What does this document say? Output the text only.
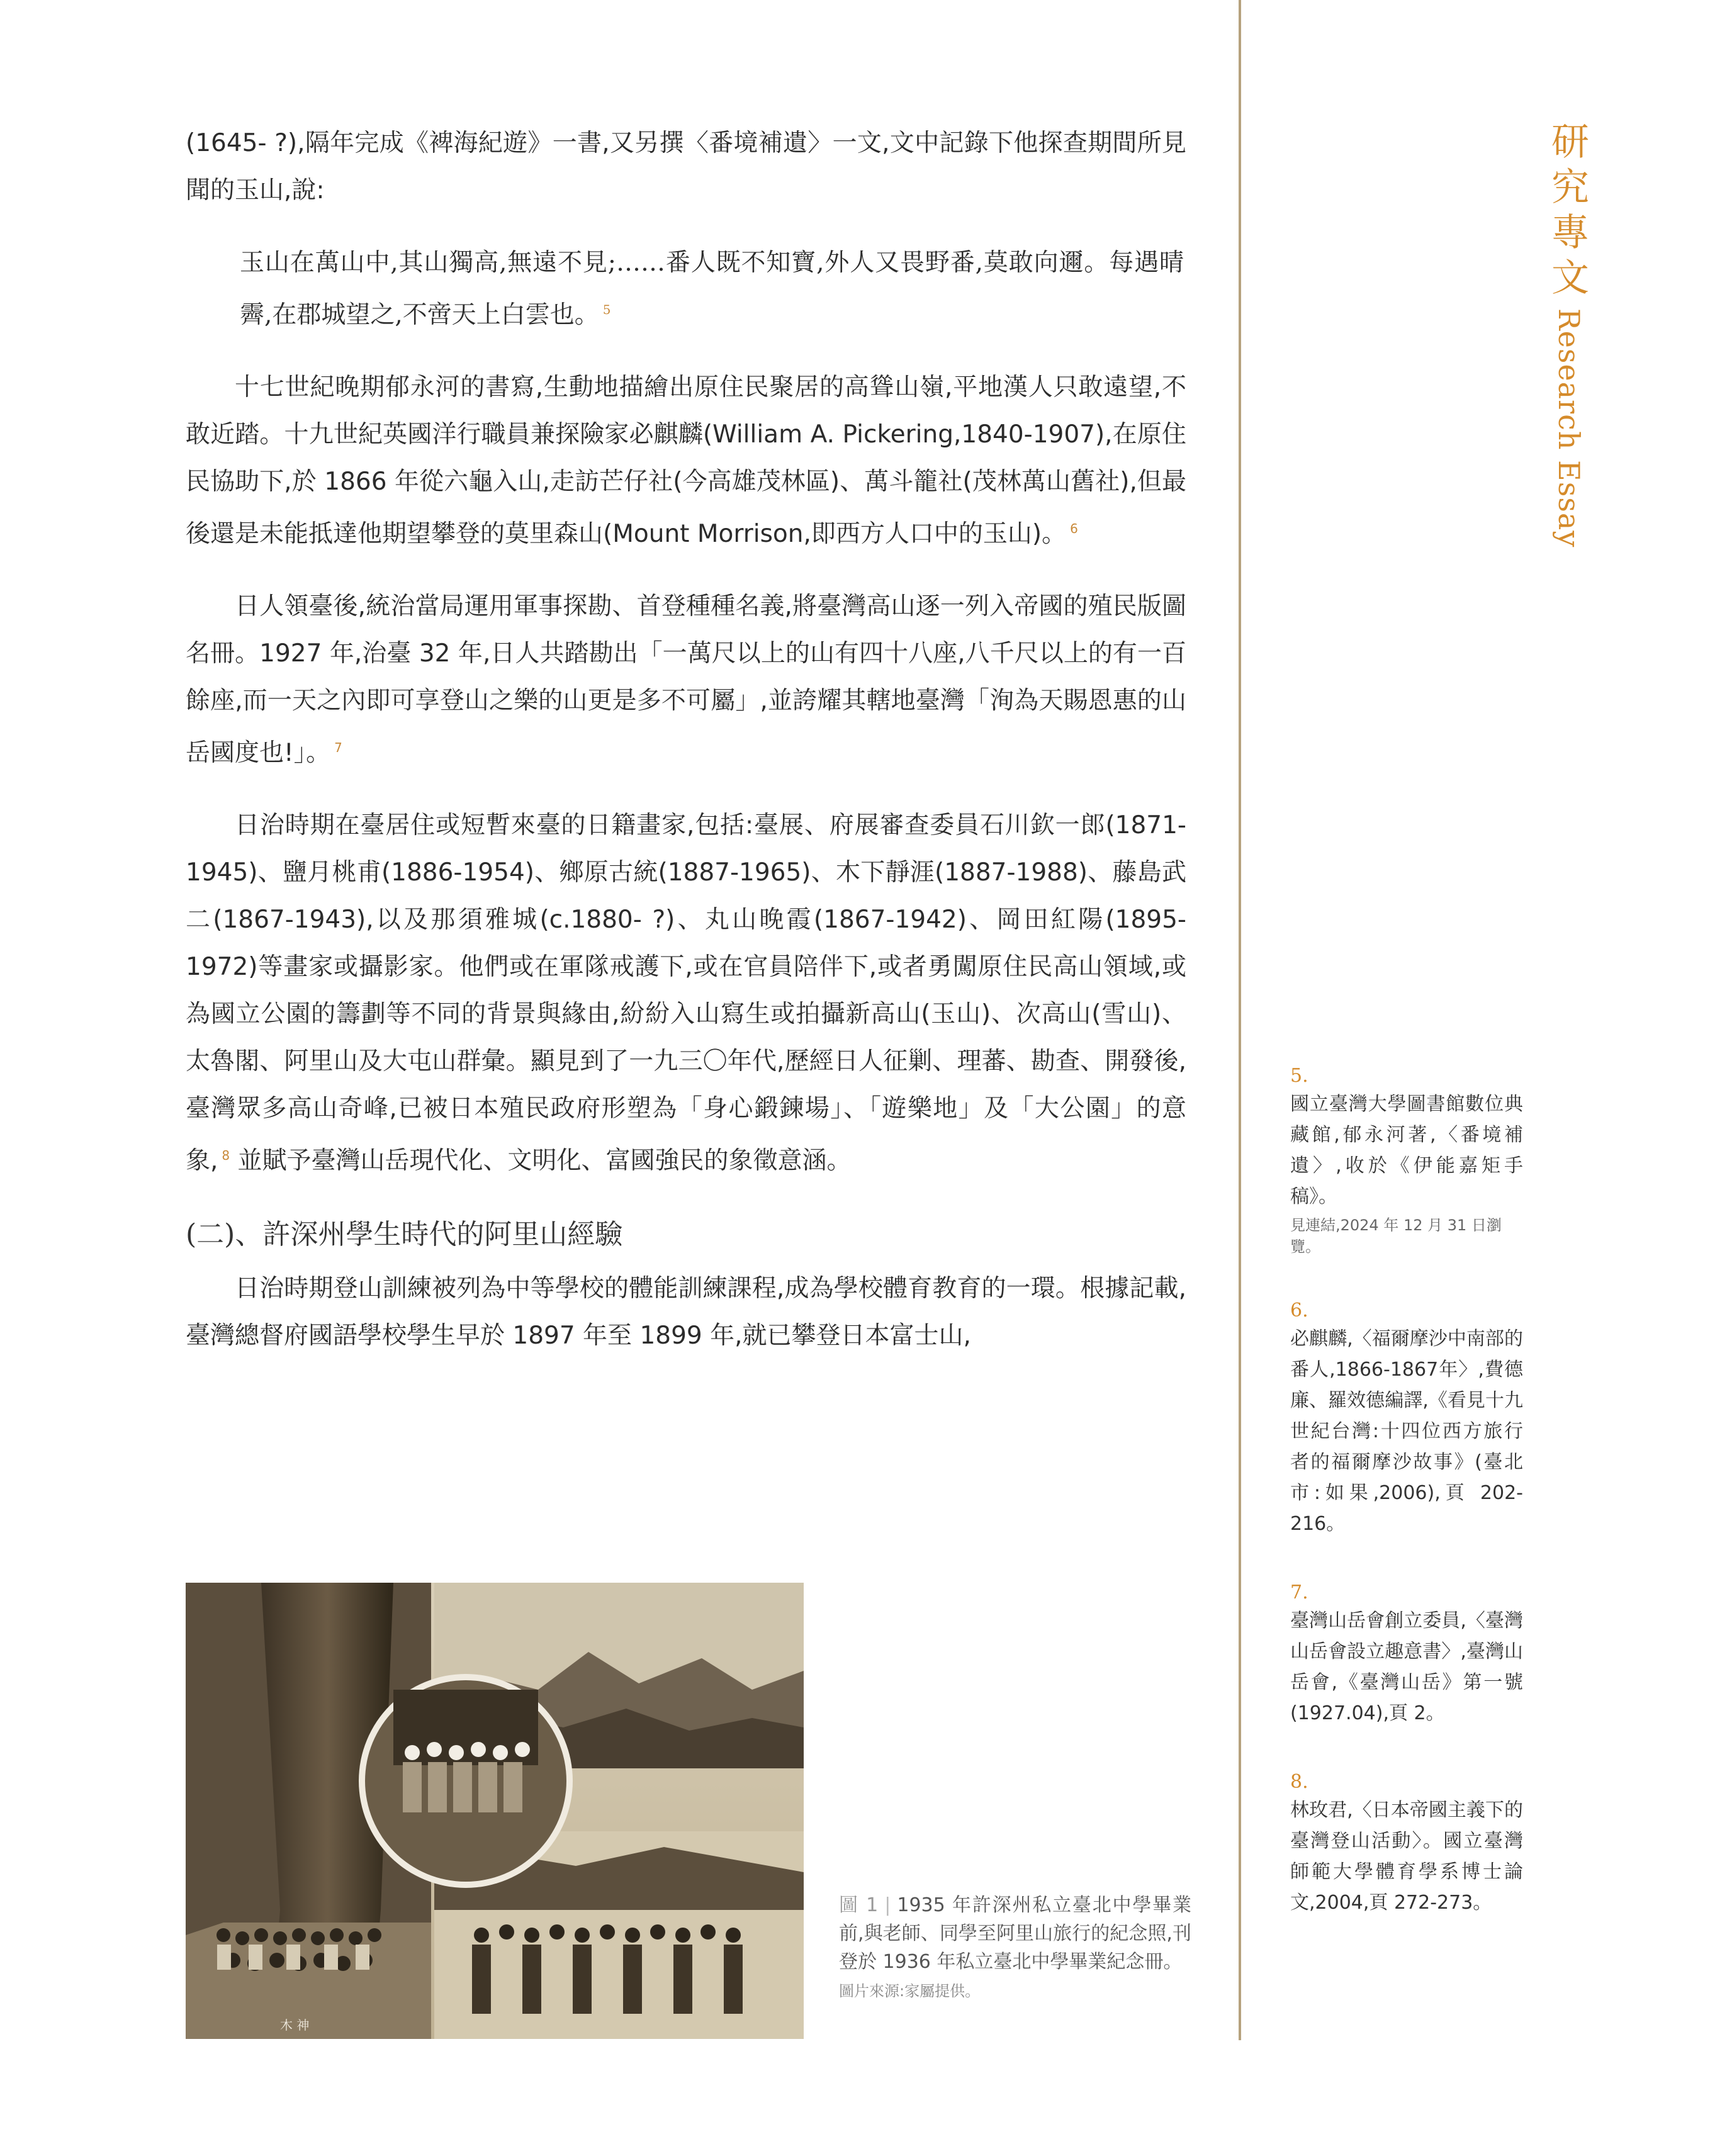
(1645- ?),隔年完成《裨海紀遊》一書,又另撰〈番境補遺〉一文,文中記錄下他探查期間所見聞的玉山,說:

玉山在萬山中,其山獨高,無遠不見;……番人既不知寶,外人又畏野番,莫敢向邇。每遇晴霽,在郡城望之,不啻天上白雲也。 $^5$

十七世紀晚期郁永河的書寫,生動地描繪出原住民聚居的高聳山嶺,平地漢人只敢遠望,不敢近踏。十九世紀英國洋行職員兼探險家必麒麟(William A. Pickering,1840-1907),在原住民協助下,於 1866 年從六龜入山,走訪芒仔社(今高雄茂林區)、萬斗籠社(茂林萬山舊社),但最後還是未能抵達他期望攀登的莫里森山(Mount Morrison,即西方人口中的玉山)。 $^6$

日人領臺後,統治當局運用軍事探勘、首登種種名義,將臺灣高山逐一列入帝國的殖民版圖名冊。1927 年,治臺 32 年,日人共踏勘出「一萬尺以上的山有四十八座,八千尺以上的有一百餘座,而一天之內即可享登山之樂的山更是多不可屬」,並誇耀其轄地臺灣「洵為天賜恩惠的山岳國度也!」。 $^7$

日治時期在臺居住或短暫來臺的日籍畫家,包括:臺展、府展審查委員石川欽一郎(1871-1945)、鹽月桃甫(1886-1954)、鄉原古統(1887-1965)、木下靜涯(1887-1988)、藤島武二(1867-1943),以及那須雅城(c.1880- ?)、丸山晚霞(1867-1942)、岡田紅陽(1895-1972)等畫家或攝影家。他們或在軍隊戒護下,或在官員陪伴下,或者勇闖原住民高山領域,或為國立公園的籌劃等不同的背景與緣由,紛紛入山寫生或拍攝新高山(玉山)、次高山(雪山)、太魯閣、阿里山及大屯山群彙。顯見到了一九三〇年代,歷經日人征剿、理蕃、勘查、開發後,臺灣眾多高山奇峰,已被日本殖民政府形塑為「身心鍛鍊場」、「遊樂地」及「大公園」的意象, $^8$ 並賦予臺灣山岳現代化、文明化、富國強民的象徵意涵。

(二)、許深州學生時代的阿里山經驗

日治時期登山訓練被列為中等學校的體能訓練課程,成為學校體育教育的一環。根據記載,臺灣總督府國語學校學生早於 1897 年至 1899 年,就已攀登日本富士山,

研
究
專
文
Research Essay
5.
國立臺灣大學圖書館數位典藏館,郁永河著,〈番境補遺〉,收於《伊能嘉矩手稿》。
見連結,2024 年 12 月 31 日瀏覽。
6.
必麒麟,〈福爾摩沙中南部的番人,1866-1867年〉,費德廉、羅效德編譯,《看見十九世紀台灣:十四位西方旅行者的福爾摩沙故事》(臺北市:如果,2006),頁 202-216。
7.
臺灣山岳會創立委員,〈臺灣山岳會設立趣意書〉,臺灣山岳會,《臺灣山岳》第一號(1927.04),頁 2。
8.
林玫君,〈日本帝國主義下的臺灣登山活動〉。國立臺灣師範大學體育學系博士論文,2004,頁 272-273。
木 神
圖 1 | 1935 年許深州私立臺北中學畢業前,與老師、同學至阿里山旅行的紀念照,刊登於 1936 年私立臺北中學畢業紀念冊。
圖片來源:家屬提供。
